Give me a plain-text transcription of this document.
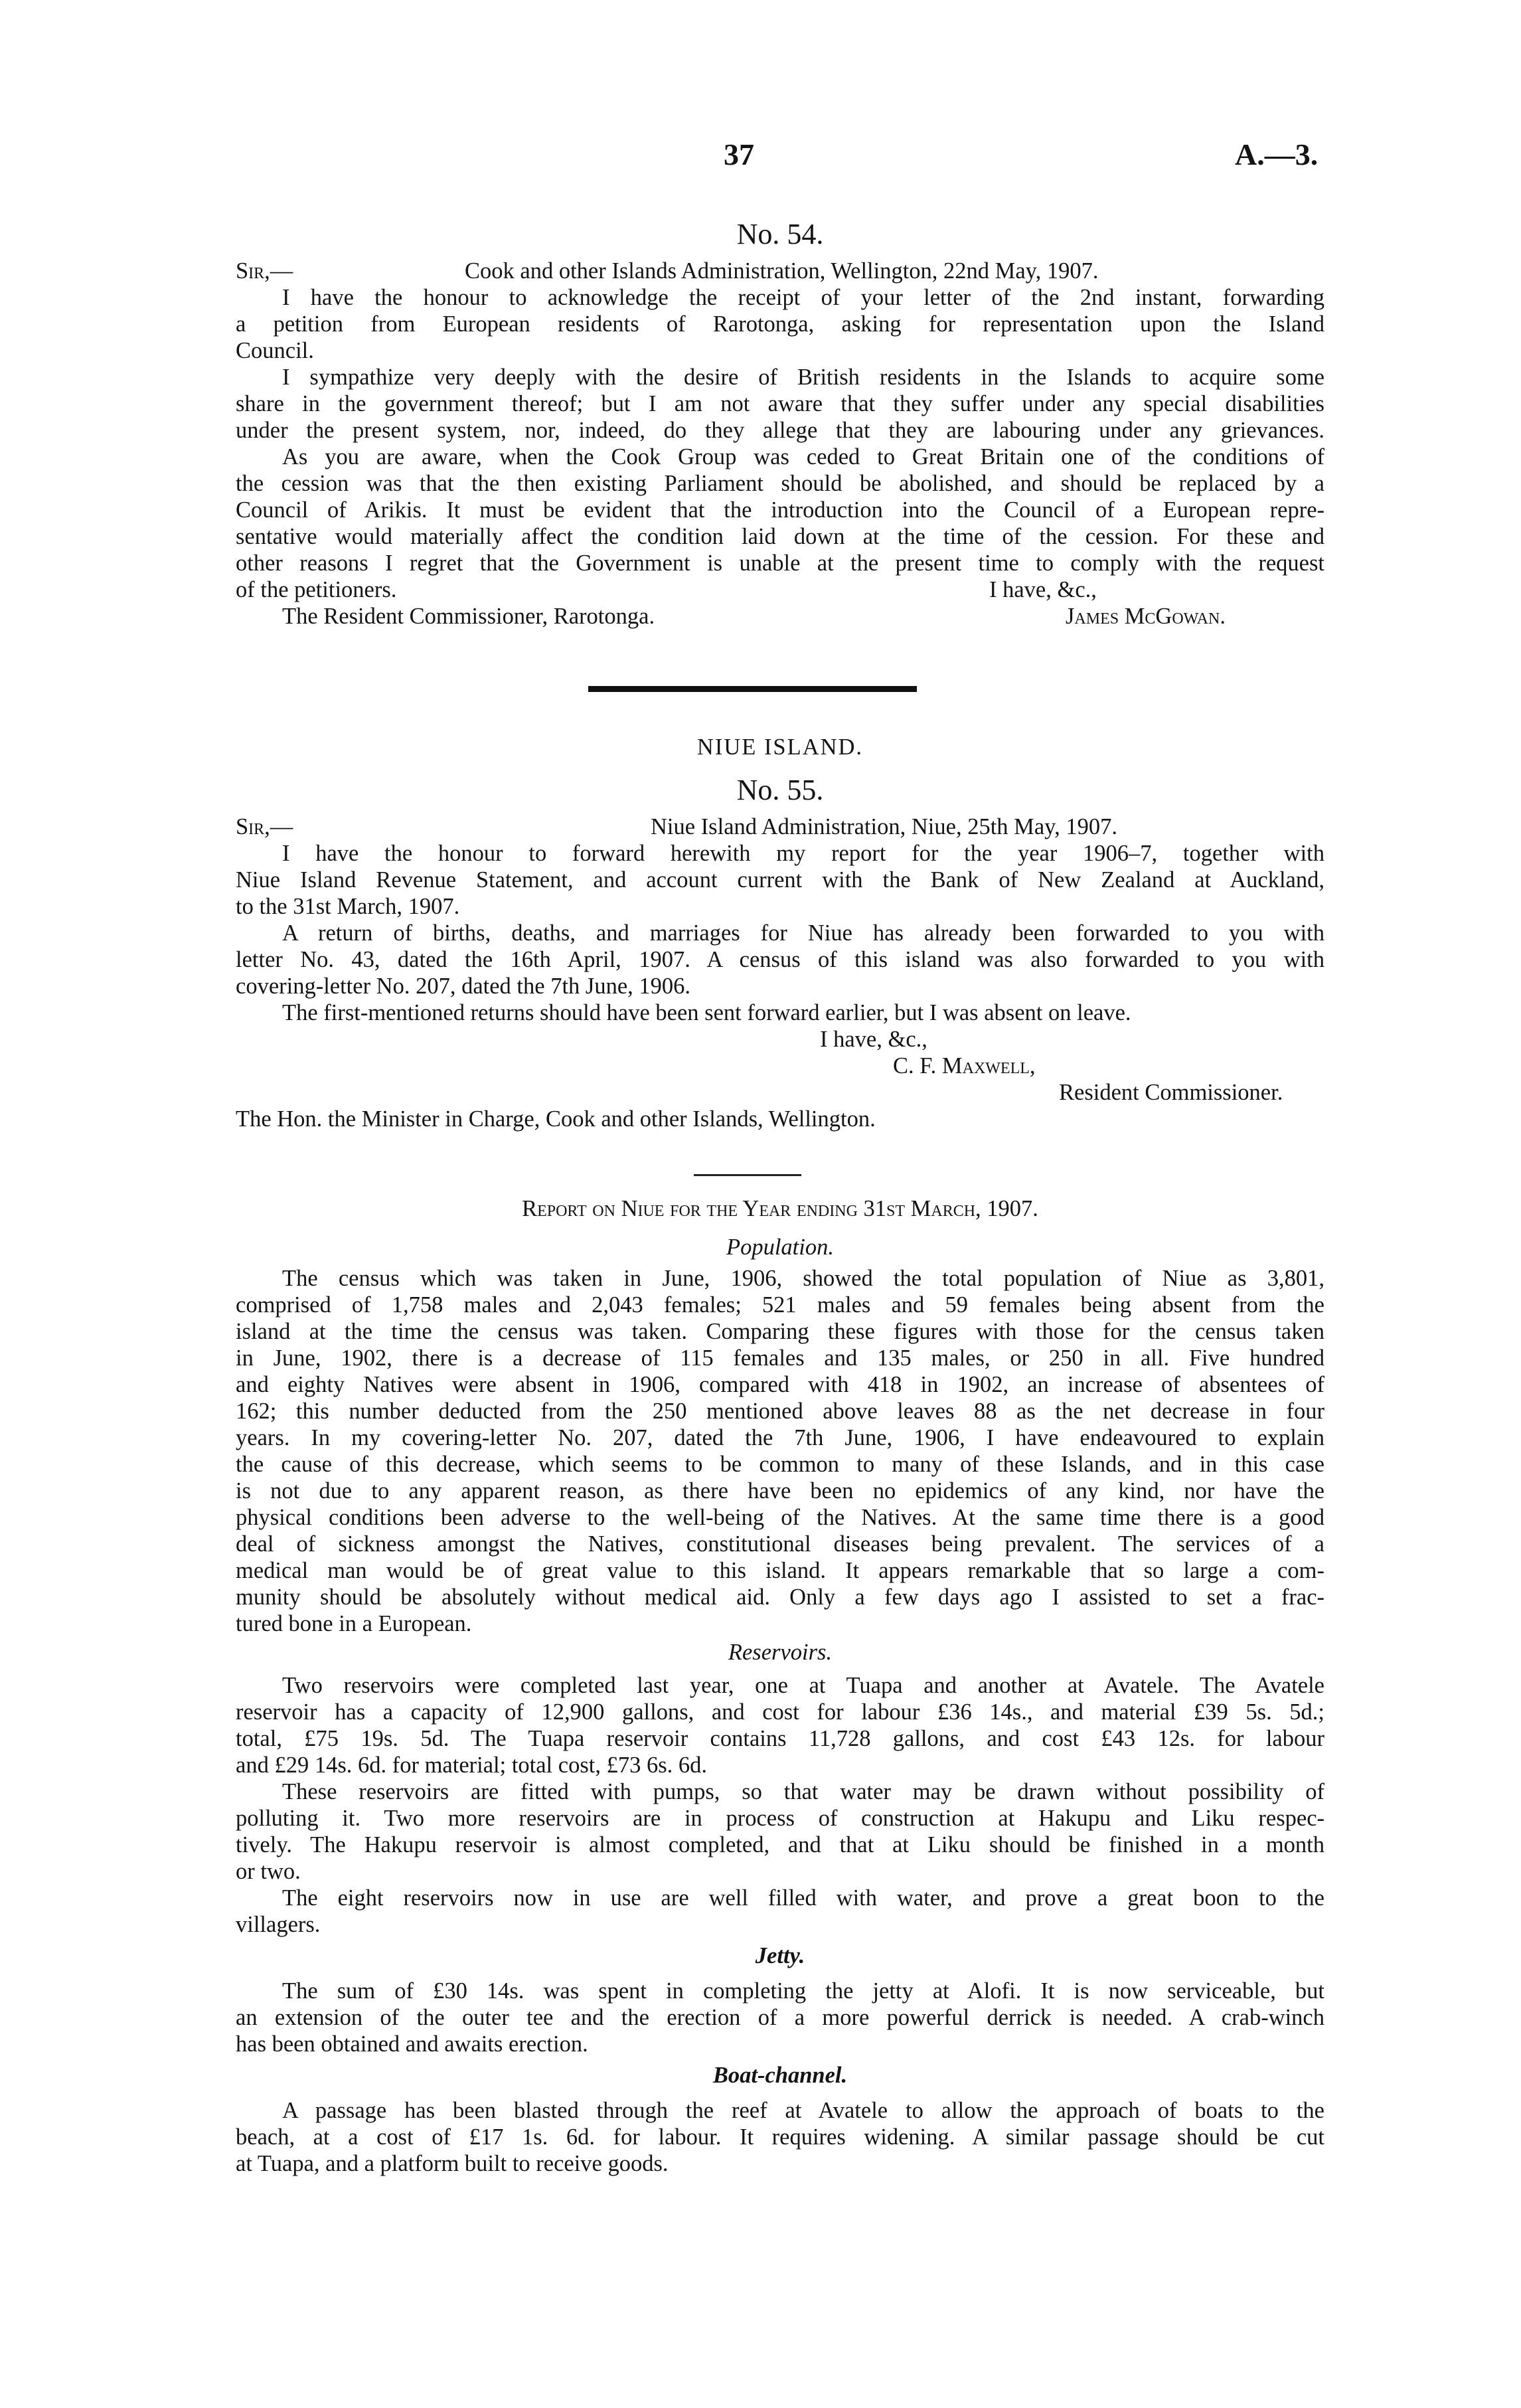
37	A.—3.
No. 54.
Sir,—	Cook and other Islands Administration, Wellington, 22nd May, 1907.
I have the honour to acknowledge the receipt of your letter of the 2nd instant, forwarding
a petition from European residents of Rarotonga, asking for representation upon the Island
Council.
I sympathize very deeply with the desire of British residents in the Islands to acquire some
share in the government thereof; but I am not aware that they suffer under any special disabilities
under the present system, nor, indeed, do they allege that they are labouring under any grievances.
As you are aware, when the Cook Group was ceded to Great Britain one of the conditions of
the cession was that the then existing Parliament should be abolished, and should be replaced by a
Council of Arikis. It must be evident that the introduction into the Council of a European repre-
sentative would materially affect the condition laid down at the time of the cession. For these and
other reasons I regret that the Government is unable at the present time to comply with the request
of the petitioners.	I have, &c.,
The Resident Commissioner, Rarotonga.	James McGowan.
NIUE ISLAND.
No. 55.
Sir,—	Niue Island Administration, Niue, 25th May, 1907.
I have the honour to forward herewith my report for the year 1906–7, together with
Niue Island Revenue Statement, and account current with the Bank of New Zealand at Auckland,
to the 31st March, 1907.
A return of births, deaths, and marriages for Niue has already been forwarded to you with
letter No. 43, dated the 16th April, 1907. A census of this island was also forwarded to you with
covering-letter No. 207, dated the 7th June, 1906.
The first-mentioned returns should have been sent forward earlier, but I was absent on leave.
I have, &c.,
C. F. Maxwell,
Resident Commissioner.
The Hon. the Minister in Charge, Cook and other Islands, Wellington.
Report on Niue for the Year ending 31st March, 1907.
Population.
The census which was taken in June, 1906, showed the total population of Niue as 3,801,
comprised of 1,758 males and 2,043 females; 521 males and 59 females being absent from the
island at the time the census was taken. Comparing these figures with those for the census taken
in June, 1902, there is a decrease of 115 females and 135 males, or 250 in all. Five hundred
and eighty Natives were absent in 1906, compared with 418 in 1902, an increase of absentees of
162; this number deducted from the 250 mentioned above leaves 88 as the net decrease in four
years. In my covering-letter No. 207, dated the 7th June, 1906, I have endeavoured to explain
the cause of this decrease, which seems to be common to many of these Islands, and in this case
is not due to any apparent reason, as there have been no epidemics of any kind, nor have the
physical conditions been adverse to the well-being of the Natives. At the same time there is a good
deal of sickness amongst the Natives, constitutional diseases being prevalent. The services of a
medical man would be of great value to this island. It appears remarkable that so large a com-
munity should be absolutely without medical aid. Only a few days ago I assisted to set a frac-
tured bone in a European.
Reservoirs.
Two reservoirs were completed last year, one at Tuapa and another at Avatele. The Avatele
reservoir has a capacity of 12,900 gallons, and cost for labour £36 14s., and material £39 5s. 5d.;
total, £75 19s. 5d. The Tuapa reservoir contains 11,728 gallons, and cost £43 12s. for labour
and £29 14s. 6d. for material; total cost, £73 6s. 6d.
These reservoirs are fitted with pumps, so that water may be drawn without possibility of
polluting it. Two more reservoirs are in process of construction at Hakupu and Liku respec-
tively. The Hakupu reservoir is almost completed, and that at Liku should be finished in a month
or two.
The eight reservoirs now in use are well filled with water, and prove a great boon to the
villagers.
Jetty.
The sum of £30 14s. was spent in completing the jetty at Alofi. It is now serviceable, but
an extension of the outer tee and the erection of a more powerful derrick is needed. A crab-winch
has been obtained and awaits erection.
Boat-channel.
A passage has been blasted through the reef at Avatele to allow the approach of boats to the
beach, at a cost of £17 1s. 6d. for labour. It requires widening. A similar passage should be cut
at Tuapa, and a platform built to receive goods.
